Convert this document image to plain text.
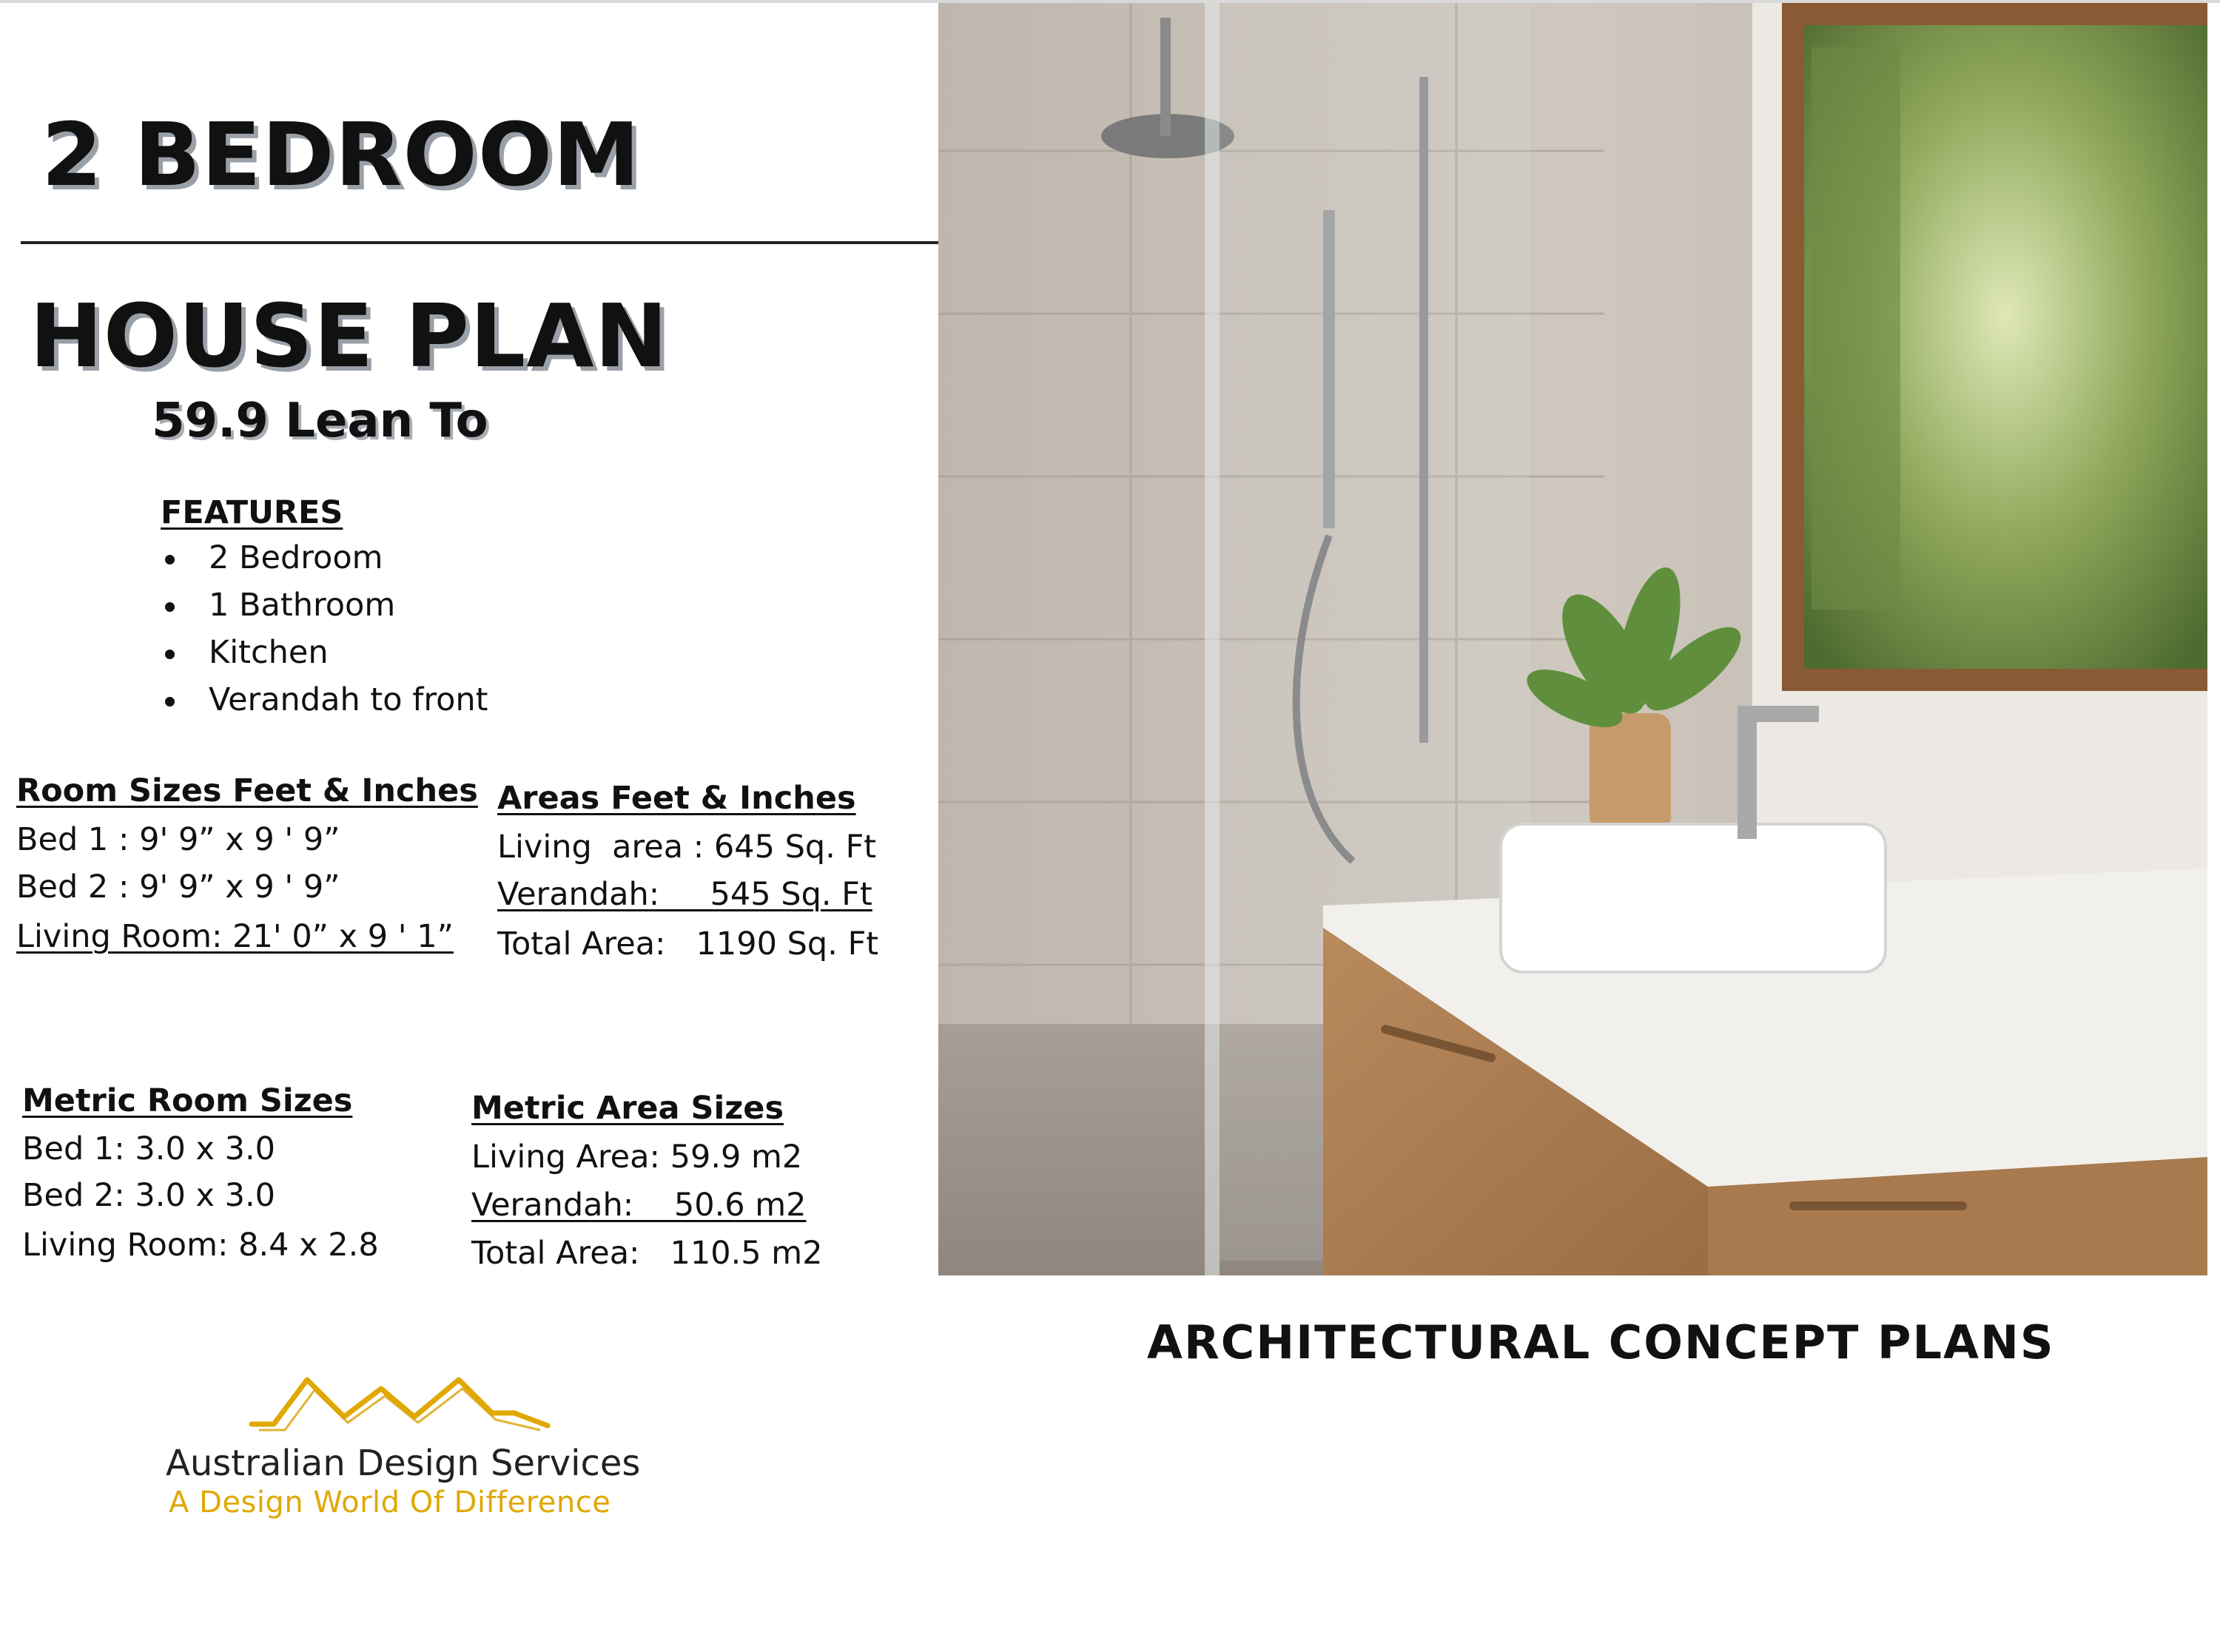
2 BEDROOM
HOUSE PLAN
59.9 Lean To
FEATURES
2 Bedroom
1 Bathroom
Kitchen
Verandah to front
Room Sizes Feet & Inches
Bed 1 : 9' 9” x 9 ' 9”
Bed 2 : 9' 9” x 9 ' 9”
Living Room: 21' 0” x 9 ' 1”
Areas Feet & Inches
Living  area : 645 Sq. Ft
Verandah:     545 Sq. Ft
Total Area:   1190 Sq. Ft
Metric Room Sizes
Bed 1: 3.0 x 3.0
Bed 2: 3.0 x 3.0
Living Room: 8.4 x 2.8
Metric Area Sizes
Living Area: 59.9 m2
Verandah:    50.6 m2
Total Area:   110.5 m2
ARCHITECTURAL CONCEPT PLANS
Australian Design Services
A Design World Of Difference
